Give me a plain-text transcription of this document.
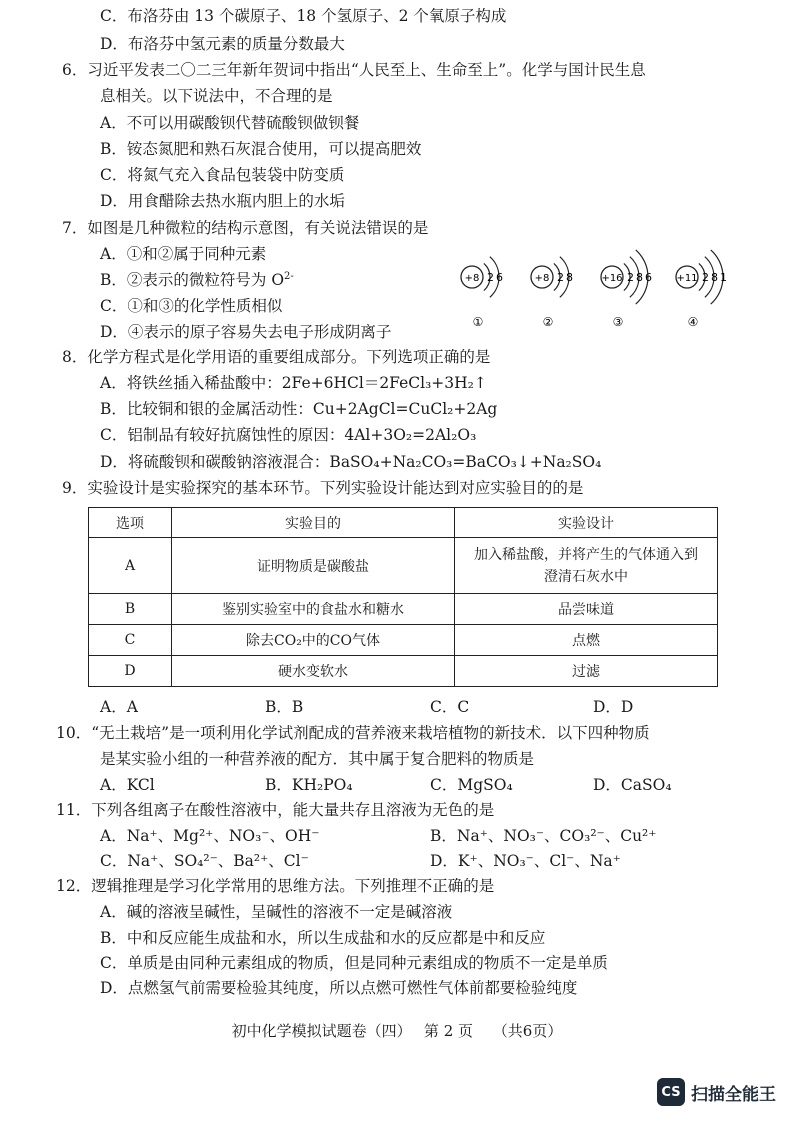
C．布洛芬由 13 个碳原子、18 个氢原子、2 个氧原子构成
D．布洛芬中氢元素的质量分数最大
6．习近平发表二〇二三年新年贺词中指出“人民至上、生命至上”。化学与国计民生息
息相关。以下说法中，不合理的是
A．不可以用碳酸钡代替硫酸钡做钡餐
B．铵态氮肥和熟石灰混合使用，可以提高肥效
C．将氮气充入食品包装袋中防变质
D．用食醋除去热水瓶内胆上的水垢
7．如图是几种微粒的结构示意图，有关说法错误的是
A．①和②属于同种元素
B．②表示的微粒符号为 $O^{2-}$
C．①和③的化学性质相似
D．④表示的原子容易失去电子形成阴离子
+8 2 6
①
+8 2 8
②
+16 2 8 6
③
+11 2 8 1
④
8．化学方程式是化学用语的重要组成部分。下列选项正确的是
A．将铁丝插入稀盐酸中：2Fe+6HCl＝2FeCl₃+3H₂↑
B．比较铜和银的金属活动性：Cu+2AgCl=CuCl₂+2Ag
C．铝制品有较好抗腐蚀性的原因：4Al+3O₂=2Al₂O₃
D．将硫酸钡和碳酸钠溶液混合：BaSO₄+Na₂CO₃=BaCO₃↓+Na₂SO₄
9．实验设计是实验探究的基本环节。下列实验设计能达到对应实验目的的是
选项	实验目的	实验设计
A	证明物质是碳酸盐	加入稀盐酸，并将产生的气体通入到澄清石灰水中
B	鉴别实验室中的食盐水和糖水	品尝味道
C	除去CO₂中的CO气体	点燃
D	硬水变软水	过滤
A．A	B．B	C．C	D．D
10．“无土栽培”是一项利用化学试剂配成的营养液来栽培植物的新技术．以下四种物质
是某实验小组的一种营养液的配方．其中属于复合肥料的物质是
A．KCl	B．KH₂PO₄	C．MgSO₄	D．CaSO₄
11．下列各组离子在酸性溶液中，能大量共存且溶液为无色的是
A．Na⁺、Mg²⁺、NO₃⁻、OH⁻	B．Na⁺、NO₃⁻、CO₃²⁻、Cu²⁺
C．Na⁺、SO₄²⁻、Ba²⁺、Cl⁻	D．K⁺、NO₃⁻、Cl⁻、Na⁺
12．逻辑推理是学习化学常用的思维方法。下列推理不正确的是
A．碱的溶液呈碱性，呈碱性的溶液不一定是碱溶液
B．中和反应能生成盐和水，所以生成盐和水的反应都是中和反应
C．单质是由同种元素组成的物质，但是同种元素组成的物质不一定是单质
D．点燃氢气前需要检验其纯度，所以点燃可燃性气体前都要检验纯度
初中化学模拟试题卷（四）　 第 2 页　 （共6页）
CS 扫描全能王
